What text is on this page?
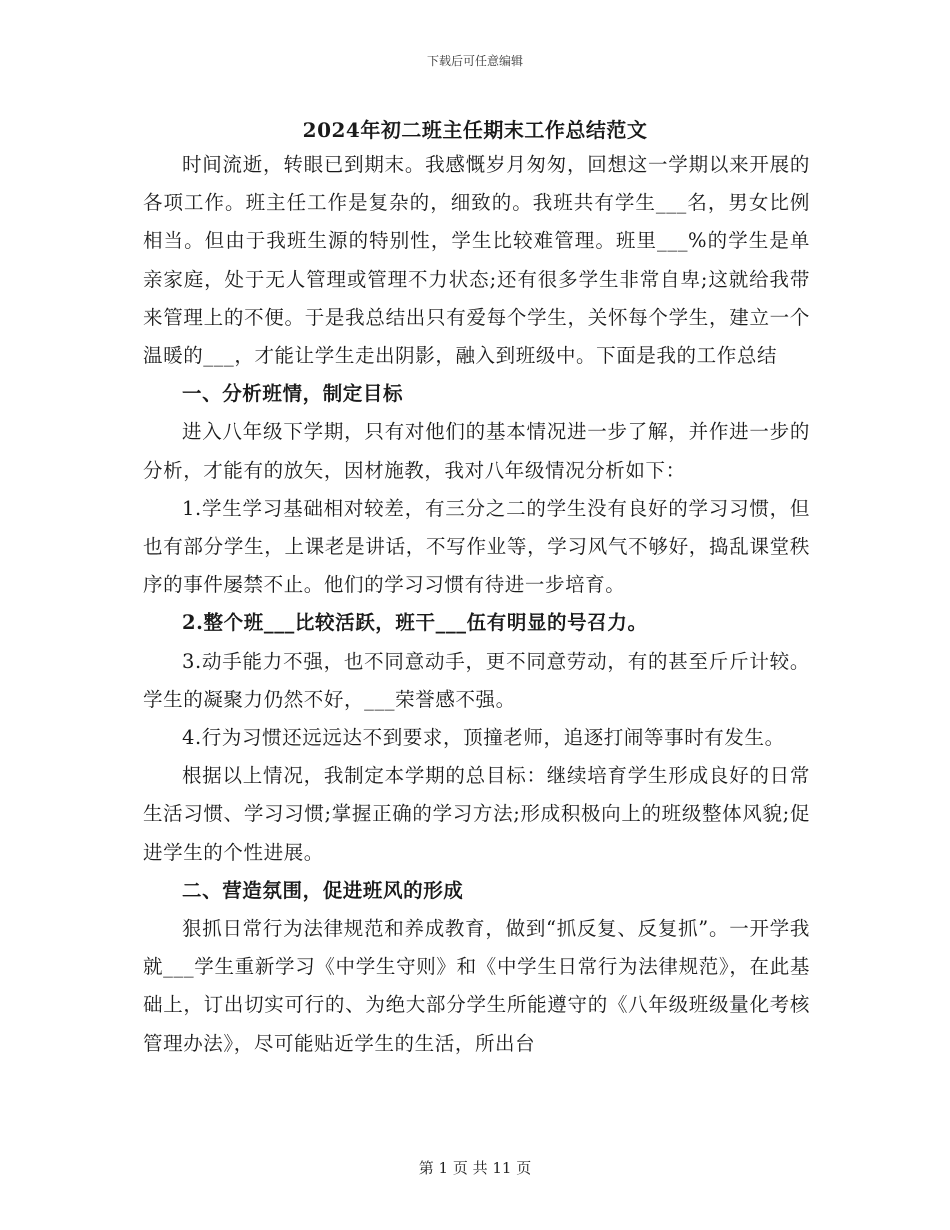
下载后可任意编辑
2024年初二班主任期末工作总结范文

时间流逝，转眼已到期末。我感慨岁月匆匆，回想这一学期以来开展的各项工作。班主任工作是复杂的，细致的。我班共有学生___名，男女比例相当。但由于我班生源的特别性，学生比较难管理。班里___%的学生是单亲家庭，处于无人管理或管理不力状态;还有很多学生非常自卑;这就给我带来管理上的不便。于是我总结出只有爱每个学生，关怀每个学生，建立一个温暖的___，才能让学生走出阴影，融入到班级中。下面是我的工作总结

一、分析班情，制定目标

进入八年级下学期，只有对他们的基本情况进一步了解，并作进一步的分析，才能有的放矢，因材施教，我对八年级情况分析如下：

1.学生学习基础相对较差，有三分之二的学生没有良好的学习习惯，但也有部分学生，上课老是讲话，不写作业等，学习风气不够好，捣乱课堂秩序的事件屡禁不止。他们的学习习惯有待进一步培育。

2.整个班___比较活跃，班干___伍有明显的号召力。

3.动手能力不强，也不同意动手，更不同意劳动，有的甚至斤斤计较。学生的凝聚力仍然不好，___荣誉感不强。

4.行为习惯还远远达不到要求，顶撞老师，追逐打闹等事时有发生。

根据以上情况，我制定本学期的总目标：继续培育学生形成良好的日常生活习惯、学习习惯;掌握正确的学习方法;形成积极向上的班级整体风貌;促进学生的个性进展。

二、营造氛围，促进班风的形成

狠抓日常行为法律规范和养成教育，做到“抓反复、反复抓”。一开学我就___学生重新学习《中学生守则》和《中学生日常行为法律规范》，在此基础上，订出切实可行的、为绝大部分学生所能遵守的《八年级班级量化考核管理办法》，尽可能贴近学生的生活，所出台

第 1 页 共 11 页
